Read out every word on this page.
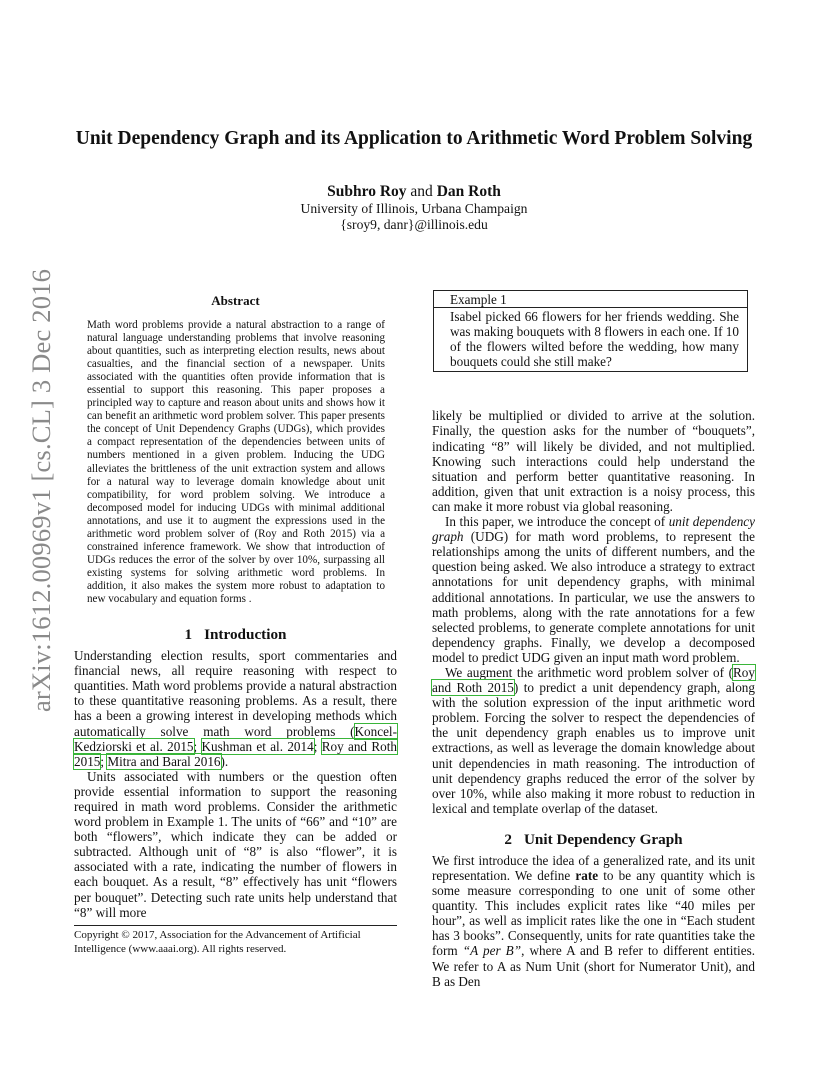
arXiv:1612.00969v1 [cs.CL] 3 Dec 2016
Unit Dependency Graph and its Application to Arithmetic Word Problem Solving
Subhro Roy and Dan Roth
University of Illinois, Urbana Champaign
{sroy9, danr}@illinois.edu
Abstract

Math word problems provide a natural abstraction to a range of natural language understanding problems that involve reasoning about quantities, such as interpreting election results, news about casualties, and the financial section of a newspaper. Units associated with the quantities often provide information that is essential to support this reasoning. This paper proposes a principled way to capture and reason about units and shows how it can benefit an arithmetic word problem solver. This paper presents the concept of Unit Dependency Graphs (UDGs), which provides a compact representation of the dependencies between units of numbers mentioned in a given problem. Inducing the UDG alleviates the brittleness of the unit extraction system and allows for a natural way to leverage domain knowledge about unit compatibility, for word problem solving. We introduce a decomposed model for inducing UDGs with minimal additional annotations, and use it to augment the expressions used in the arithmetic word problem solver of (Roy and Roth 2015) via a constrained inference framework. We show that introduction of UDGs reduces the error of the solver by over 10%, surpassing all existing systems for solving arithmetic word problems. In addition, it also makes the system more robust to adaptation to new vocabulary and equation forms .

1 Introduction

Understanding election results, sport commentaries and financial news, all require reasoning with respect to quantities. Math word problems provide a natural abstraction to these quantitative reasoning problems. As a result, there has a been a growing interest in developing methods which automatically solve math word problems (Koncel-Kedziorski et al. 2015; Kushman et al. 2014; Roy and Roth 2015; Mitra and Baral 2016).

Units associated with numbers or the question often provide essential information to support the reasoning required in math word problems. Consider the arithmetic word problem in Example 1. The units of “66” and “10” are both “flowers”, which indicate they can be added or subtracted. Although unit of “8” is also “flower”, it is associated with a rate, indicating the number of flowers in each bouquet. As a result, “8” effectively has unit “flowers per bouquet”. Detecting such rate units help understand that “8” will more

Copyright © 2017, Association for the Advancement of Artificial Intelligence (www.aaai.org). All rights reserved.
Example 1
Isabel picked 66 flowers for her friends wedding. She was making bouquets with 8 flowers in each one. If 10 of the flowers wilted before the wedding, how many bouquets could she still make?

likely be multiplied or divided to arrive at the solution. Finally, the question asks for the number of “bouquets”, indicating “8” will likely be divided, and not multiplied. Knowing such interactions could help understand the situation and perform better quantitative reasoning. In addition, given that unit extraction is a noisy process, this can make it more robust via global reasoning.

In this paper, we introduce the concept of unit dependency graph (UDG) for math word problems, to represent the relationships among the units of different numbers, and the question being asked. We also introduce a strategy to extract annotations for unit dependency graphs, with minimal additional annotations. In particular, we use the answers to math problems, along with the rate annotations for a few selected problems, to generate complete annotations for unit dependency graphs. Finally, we develop a decomposed model to predict UDG given an input math word problem.

We augment the arithmetic word problem solver of (Roy and Roth 2015) to predict a unit dependency graph, along with the solution expression of the input arithmetic word problem. Forcing the solver to respect the dependencies of the unit dependency graph enables us to improve unit extractions, as well as leverage the domain knowledge about unit dependencies in math reasoning. The introduction of unit dependency graphs reduced the error of the solver by over 10%, while also making it more robust to reduction in lexical and template overlap of the dataset.

2 Unit Dependency Graph

We first introduce the idea of a generalized rate, and its unit representation. We define rate to be any quantity which is some measure corresponding to one unit of some other quantity. This includes explicit rates like “40 miles per hour”, as well as implicit rates like the one in “Each student has 3 books”. Consequently, units for rate quantities take the form “A per B”, where A and B refer to different entities. We refer to A as Num Unit (short for Numerator Unit), and B as Den
